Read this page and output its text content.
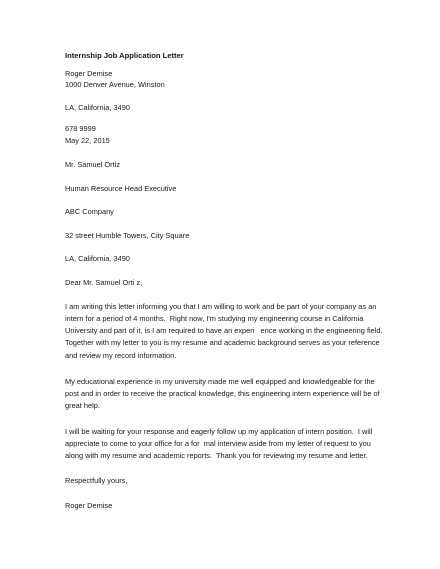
Internship Job Application Letter

Roger Demise

1000 Denver Avenue, Winston

LA, California, 3490

678 9999

May 22, 2015

Mr. Samuel Ortiz

Human Resource Head Executive

ABC Company

32 street Humble Towers, City Square

LA, California, 3490

Dear Mr. Samuel Orti z,

I am writing this letter informing you that I am willing to work and be part of your company as an

intern for a period of 4 months.  Right now, I'm studying my engineering course in California

University and part of it, is I am required to have an experi   ence working in the engineering field.

Together with my letter to you is my resume and academic background serves as your reference

and review my record information.

My educational experience in my university made me well equipped and knowledgeable for the

post and in order to receive the practical knowledge, this engineering intern experience will be of

great help.

I will be waiting for your response and eagerly follow up my application of intern position.  I will

appreciate to come to your office for a for  mal interview aside from my letter of request to you

along with my resume and academic reports.  Thank you for reviewing my resume and letter.

Respectfully yours,

Roger Demise
